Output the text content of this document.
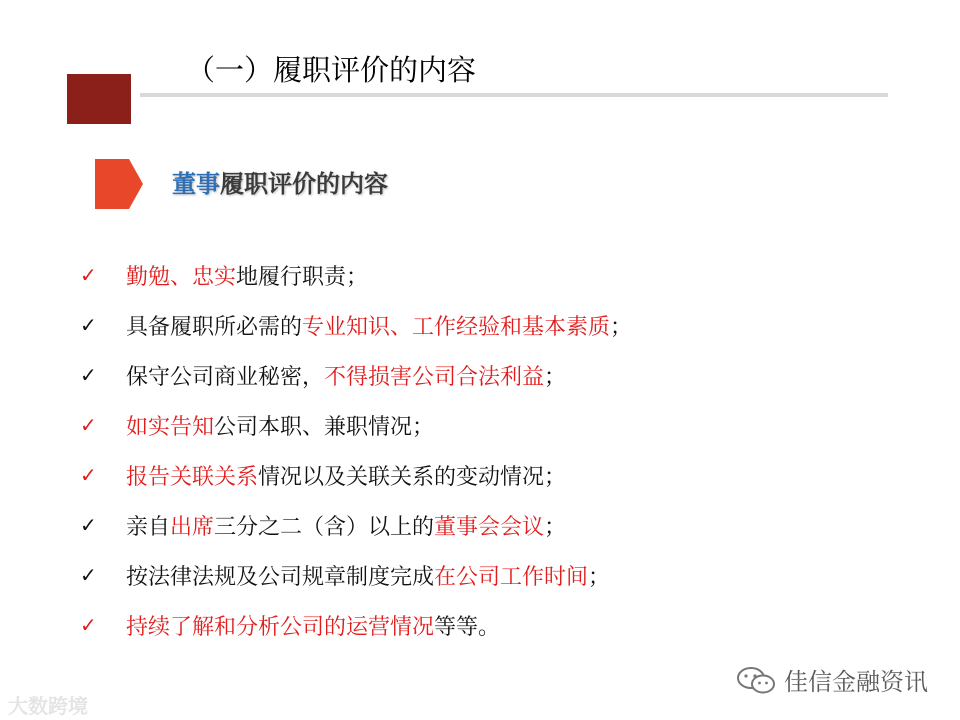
（一）履职评价的内容
董事履职评价的内容
✓	勤勉、忠实 地履行职责；
✓	具备履职所必需的 专业知识、工作经验和基本素质 ；
✓	保守公司商业秘密， 不得损害公司合法利益 ；
✓	如实告知 公司本职、兼职情况；
✓	报告关联关系 情况以及关联关系的变动情况；
✓	亲自 出席 三分之二（含）以上的 董事会会议 ；
✓	按法律法规及公司规章制度完成 在公司工作时间 ；
✓	持续了解和分析公司的运营情况 等等。
大数跨境
佳信金融资讯
